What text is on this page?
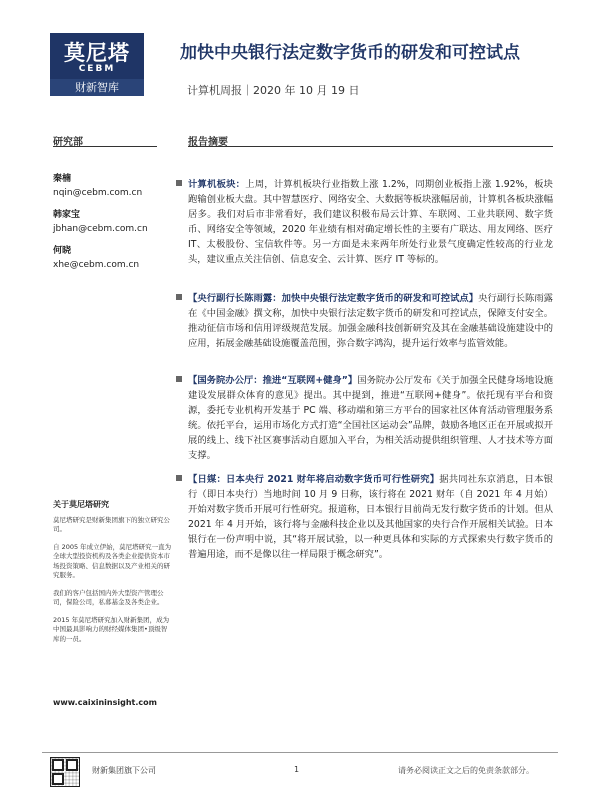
莫尼塔
CEBM
财新智库
加快中央银行法定数字货币的研发和可控试点
计算机周报｜2020 年 10 月 19 日
研究部	报告摘要
秦楠
nqin@cebm.com.cn
韩家宝
jbhan@cebm.com.cn
何晓
xhe@cebm.com.cn
关于莫尼塔研究

莫尼塔研究是财新集团旗下的独立研究公司。

自 2005 年成立伊始，莫尼塔研究一直为全球大型投资机构及各类企业提供资本市场投资策略、信息数据以及产业相关的研究服务。

我们的客户包括国内外大型资产管理公司，保险公司，私募基金及各类企业。

2015 年莫尼塔研究加入财新集团，成为中国最具影响力的财经媒体集团•顶级智库的一员。

www.caixininsight.com

计算机板块：上周，计算机板块行业指数上涨 1.2%，同期创业板指上涨 1.92%，板块跑输创业板大盘。其中智慧医疗、网络安全、大数据等板块涨幅居前，计算机各板块涨幅居多。我们对后市非常看好，我们建议积极布局云计算、车联网、工业共联网、数字货币、网络安全等领域，2020 年业绩有相对确定增长性的主要有广联达、用友网络、医疗 IT、太极股份、宝信软件等。另一方面是未来两年所处行业景气度确定性较高的行业龙头，建议重点关注信创、信息安全、云计算、医疗 IT 等标的。

【央行副行长陈雨露：加快中央银行法定数字货币的研发和可控试点】央行副行长陈雨露在《中国金融》撰文称，加快中央银行法定数字货币的研发和可控试点，保障支付安全。推动征信市场和信用评级规范发展。加强金融科技创新研究及其在金融基础设施建设中的应用，拓展金融基础设施覆盖范围，弥合数字鸿沟，提升运行效率与监管效能。

【国务院办公厅：推进“互联网+健身”】国务院办公厅发布《关于加强全民健身场地设施建设发展群众体育的意见》提出。其中提到，推进“互联网+健身”。依托现有平台和资源，委托专业机构开发基于 PC 端、移动端和第三方平台的国家社区体育活动管理服务系统。依托平台，运用市场化方式打造“全国社区运动会”品牌，鼓励各地区正在开展或拟开展的线上、线下社区赛事活动自愿加入平台，为相关活动提供组织管理、人才技术等方面支撑。

【日媒：日本央行 2021 财年将启动数字货币可行性研究】据共同社东京消息，日本银行（即日本央行）当地时间 10 月 9 日称，该行将在 2021 财年（自 2021 年 4 月始）开始对数字货币开展可行性研究。报道称，日本银行目前尚无发行数字货币的计划。但从 2021 年 4 月开始，该行将与金融科技企业以及其他国家的央行合作开展相关试验。日本银行在一份声明中说，其“将开展试验，以一种更具体和实际的方式探索央行数字货币的普遍用途，而不是像以往一样局限于概念研究”。

财新集团旗下公司	1	请务必阅读正文之后的免责条款部分。
